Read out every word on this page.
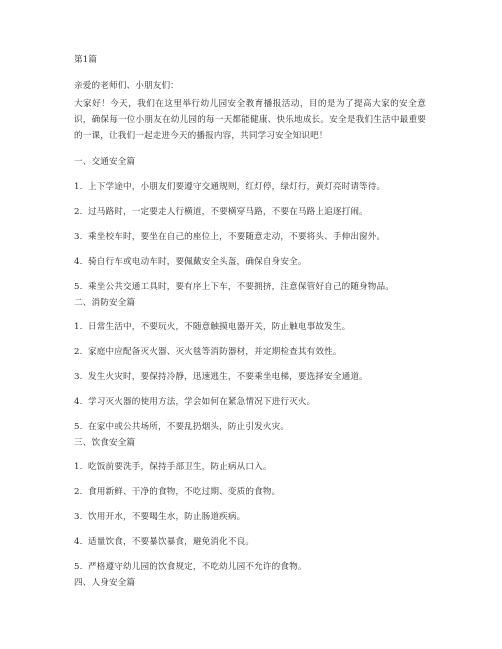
第1篇
亲爱的老师们、小朋友们：
大家好！今天，我们在这里举行幼儿园安全教育播报活动，目的是为了提高大家的安全意识，确保每一位小朋友在幼儿园的每一天都能健康、快乐地成长。安全是我们生活中最重要的一课，让我们一起走进今天的播报内容，共同学习安全知识吧！
一、交通安全篇
1. 上下学途中，小朋友们要遵守交通规则，红灯停，绿灯行，黄灯亮时请等待。
2. 过马路时，一定要走人行横道，不要横穿马路，不要在马路上追逐打闹。
3. 乘坐校车时，要坐在自己的座位上，不要随意走动，不要将头、手伸出窗外。
4. 骑自行车或电动车时，要佩戴安全头盔，确保自身安全。
5. 乘坐公共交通工具时，要有序上下车，不要拥挤，注意保管好自己的随身物品。
二、消防安全篇
1. 日常生活中，不要玩火，不随意触摸电器开关，防止触电事故发生。
2. 家庭中应配备灭火器、灭火毯等消防器材，并定期检查其有效性。
3. 发生火灾时，要保持冷静，迅速逃生，不要乘坐电梯，要选择安全通道。
4. 学习灭火器的使用方法，学会如何在紧急情况下进行灭火。
5. 在家中或公共场所，不要乱扔烟头，防止引发火灾。
三、饮食安全篇
1. 吃饭前要洗手，保持手部卫生，防止病从口入。
2. 食用新鲜、干净的食物，不吃过期、变质的食物。
3. 饮用开水，不要喝生水，防止肠道疾病。
4. 适量饮食，不要暴饮暴食，避免消化不良。
5. 严格遵守幼儿园的饮食规定，不吃幼儿园不允许的食物。
四、人身安全篇
